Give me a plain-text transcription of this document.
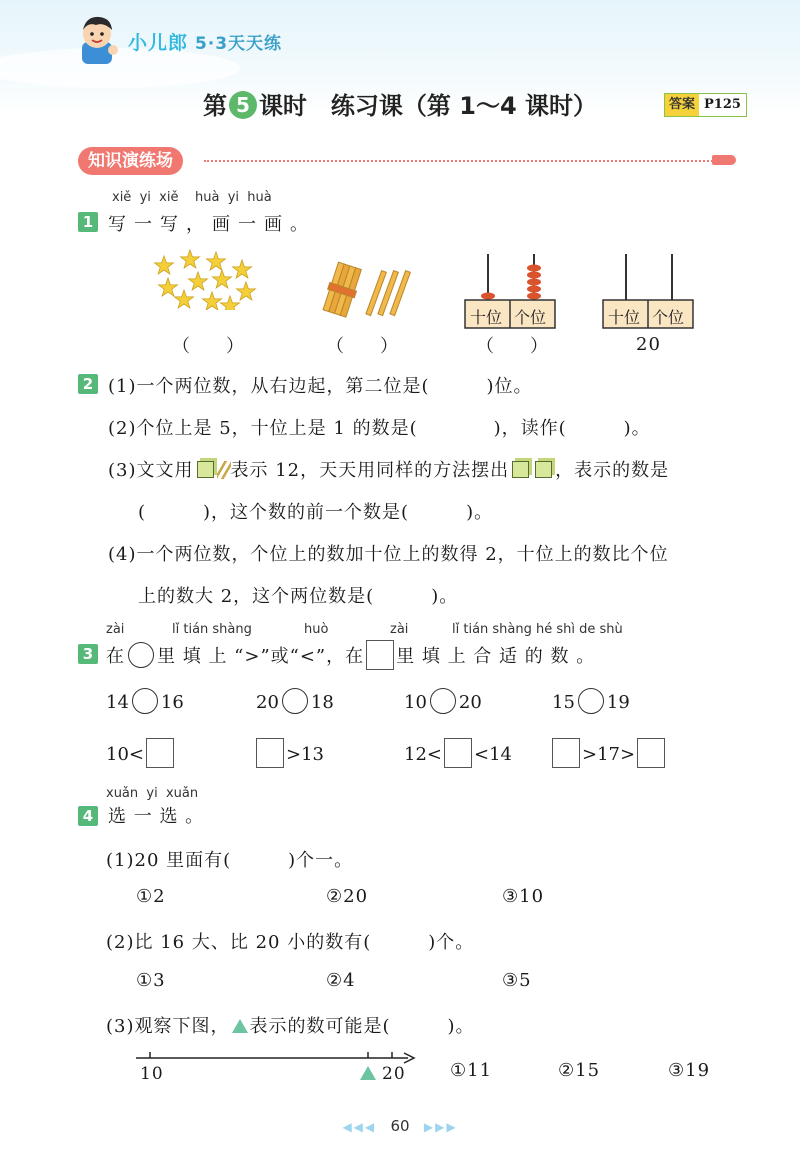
小儿郎 5·3天天练
第 5 课时　练习课（第 1～4 课时）	答案 P125
知识演练场
xiě yi xiě huà yi huà
1 写一写，画一画。
十位 个位	十位 个位
（　　）	（　　）	（　　）	20
2 (1)一个两位数，从右边起，第二位是(　　　)位。
(2)个位上是 5，十位上是 1 的数是(　　　　)，读作(　　　)。
(3)文文用 表示 12，天天用同样的方法摆出	，表示的数是
(　　　)，这个数的前一个数是(　　　)。
(4)一个两位数，个位上的数加十位上的数得 2，十位上的数比个位
上的数大 2，这个两位数是(　　　)。
zài	lǐ tián shàng	huò	zài	lǐ tián shàng hé shì de shù
3 在 里 填 上 “>”或“<”，在 里 填 上 合 适 的 数 。
14 16	20 18	10 20	15 19
10<	>13	12< <14	>17>
xuǎn yi xuǎn
4 选 一 选 。
(1)20 里面有(　　　)个一。
①2	②20	③10
(2)比 16 大、比 20 小的数有(　　　)个。
①3	②4	③5
(3)观察下图， 表示的数可能是(　　　)。
10	20 ①11	②15	③19
◀◀◀ 60 ▶▶▶
